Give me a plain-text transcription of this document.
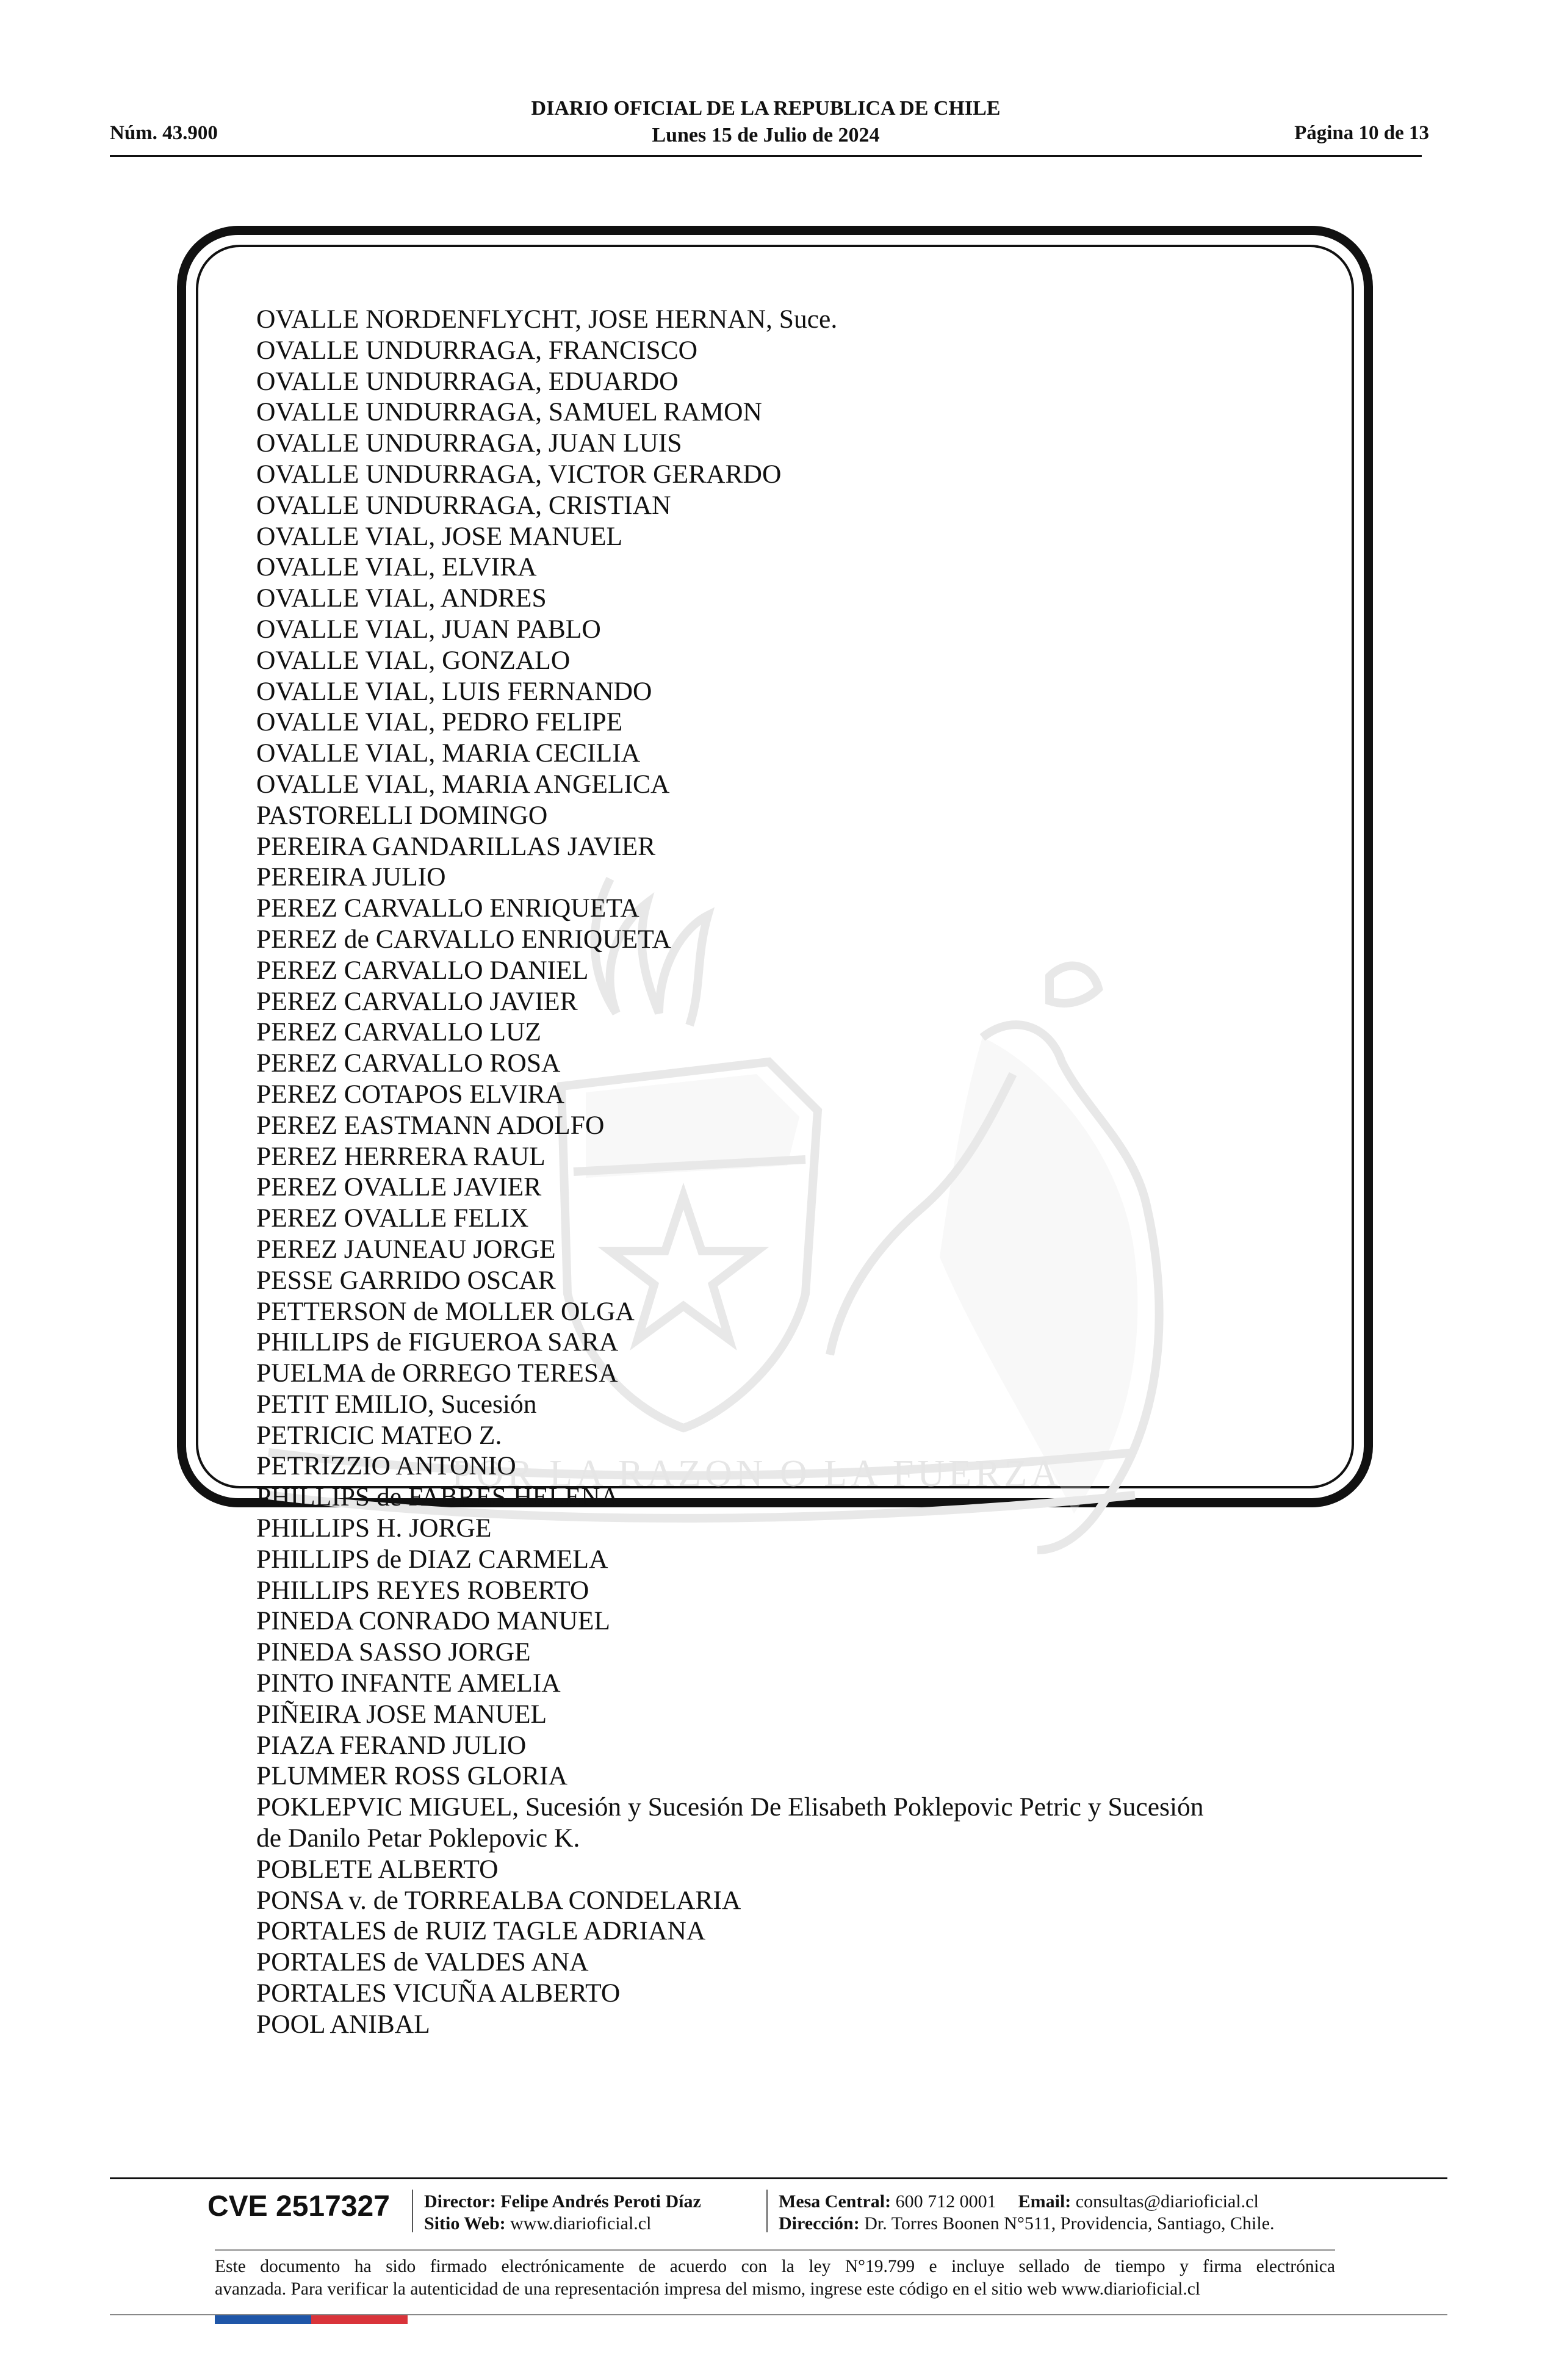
Núm. 43.900
DIARIO OFICIAL DE LA REPUBLICA DE CHILE
Lunes 15 de Julio de 2024	Página 10 de 13
POR LA RAZON O LA FUERZA
OVALLE NORDENFLYCHT, JOSE HERNAN, Suce.
OVALLE UNDURRAGA, FRANCISCO
OVALLE UNDURRAGA, EDUARDO
OVALLE UNDURRAGA, SAMUEL RAMON
OVALLE UNDURRAGA, JUAN LUIS
OVALLE UNDURRAGA, VICTOR GERARDO
OVALLE UNDURRAGA, CRISTIAN
OVALLE VIAL, JOSE MANUEL
OVALLE VIAL, ELVIRA
OVALLE VIAL, ANDRES
OVALLE VIAL, JUAN PABLO
OVALLE VIAL, GONZALO
OVALLE VIAL, LUIS FERNANDO
OVALLE VIAL, PEDRO FELIPE
OVALLE VIAL, MARIA CECILIA
OVALLE VIAL, MARIA ANGELICA
PASTORELLI DOMINGO
PEREIRA GANDARILLAS JAVIER
PEREIRA JULIO
PEREZ CARVALLO ENRIQUETA
PEREZ de CARVALLO ENRIQUETA
PEREZ CARVALLO DANIEL
PEREZ CARVALLO JAVIER
PEREZ CARVALLO LUZ
PEREZ CARVALLO ROSA
PEREZ COTAPOS ELVIRA
PEREZ EASTMANN ADOLFO
PEREZ HERRERA RAUL
PEREZ OVALLE JAVIER
PEREZ OVALLE FELIX
PEREZ JAUNEAU JORGE
PESSE GARRIDO OSCAR
PETTERSON de MOLLER OLGA
PHILLIPS de FIGUEROA SARA
PUELMA de ORREGO TERESA
PETIT EMILIO, Sucesión
PETRICIC MATEO Z.
PETRIZZIO ANTONIO
PHILLIPS de FABRES HELENA
PHILLIPS H. JORGE
PHILLIPS de DIAZ CARMELA
PHILLIPS REYES ROBERTO
PINEDA CONRADO MANUEL
PINEDA SASSO JORGE
PINTO INFANTE AMELIA
PIÑEIRA JOSE MANUEL
PIAZA FERAND JULIO
PLUMMER ROSS GLORIA
POKLEPVIC MIGUEL, Sucesión y Sucesión De Elisabeth Poklepovic Petric y Sucesión
de Danilo Petar Poklepovic K.
POBLETE ALBERTO
PONSA v. de TORREALBA CONDELARIA
PORTALES de RUIZ TAGLE ADRIANA
PORTALES de VALDES ANA
PORTALES VICUÑA ALBERTO
POOL ANIBAL
CVE 2517327 Director: Felipe Andrés Peroti Díaz
Sitio Web: www.diarioficial.cl
Mesa Central: 600 712 0001 Email: consultas@diarioficial.cl
Dirección: Dr. Torres Boonen N°511, Providencia, Santiago, Chile.
Este documento ha sido firmado electrónicamente de acuerdo con la ley N°19.799 e incluye sellado de tiempo y firma electrónica
avanzada. Para verificar la autenticidad de una representación impresa del mismo, ingrese este código en el sitio web www.diarioficial.cl
